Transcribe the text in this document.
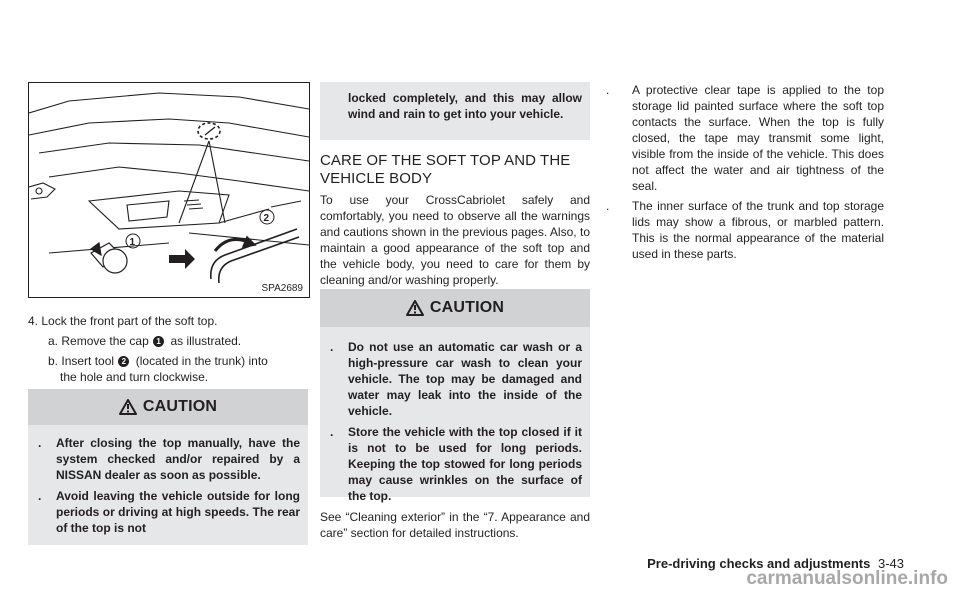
1
2
SPA2689
4. Lock the front part of the soft top.
a. Remove the cap 1 as illustrated.
b. Insert tool 2 (located in the trunk) into
the hole and turn clockwise.
CAUTION
. After closing the top manually, have the system checked and/or repaired by a NISSAN dealer as soon as possible.
. Avoid leaving the vehicle outside for long periods or driving at high speeds. The rear of the top is not
locked completely, and this may allow wind and rain to get into your vehicle.
CARE OF THE SOFT TOP AND THE VEHICLE BODY
To use your CrossCabriolet safely and comfortably, you need to observe all the warnings and cautions shown in the previous pages. Also, to maintain a good appearance of the soft top and the vehicle body, you need to care for them by cleaning and/or washing properly.
CAUTION
. Do not use an automatic car wash or a high-pressure car wash to clean your vehicle. The top may be damaged and water may leak into the inside of the vehicle.
. Store the vehicle with the top closed if it is not to be used for long periods. Keeping the top stowed for long periods may cause wrinkles on the surface of the top.
See “Cleaning exterior” in the “7. Appearance and care” section for detailed instructions.
. A protective clear tape is applied to the top storage lid painted surface where the soft top contacts the surface. When the top is fully closed, the tape may transmit some light, visible from the inside of the vehicle. This does not affect the water and air tightness of the seal.
. The inner surface of the trunk and top storage lids may show a fibrous, or marbled pattern. This is the normal appearance of the material used in these parts.
Pre-driving checks and adjustments 3-43
carmanualsonline.info
